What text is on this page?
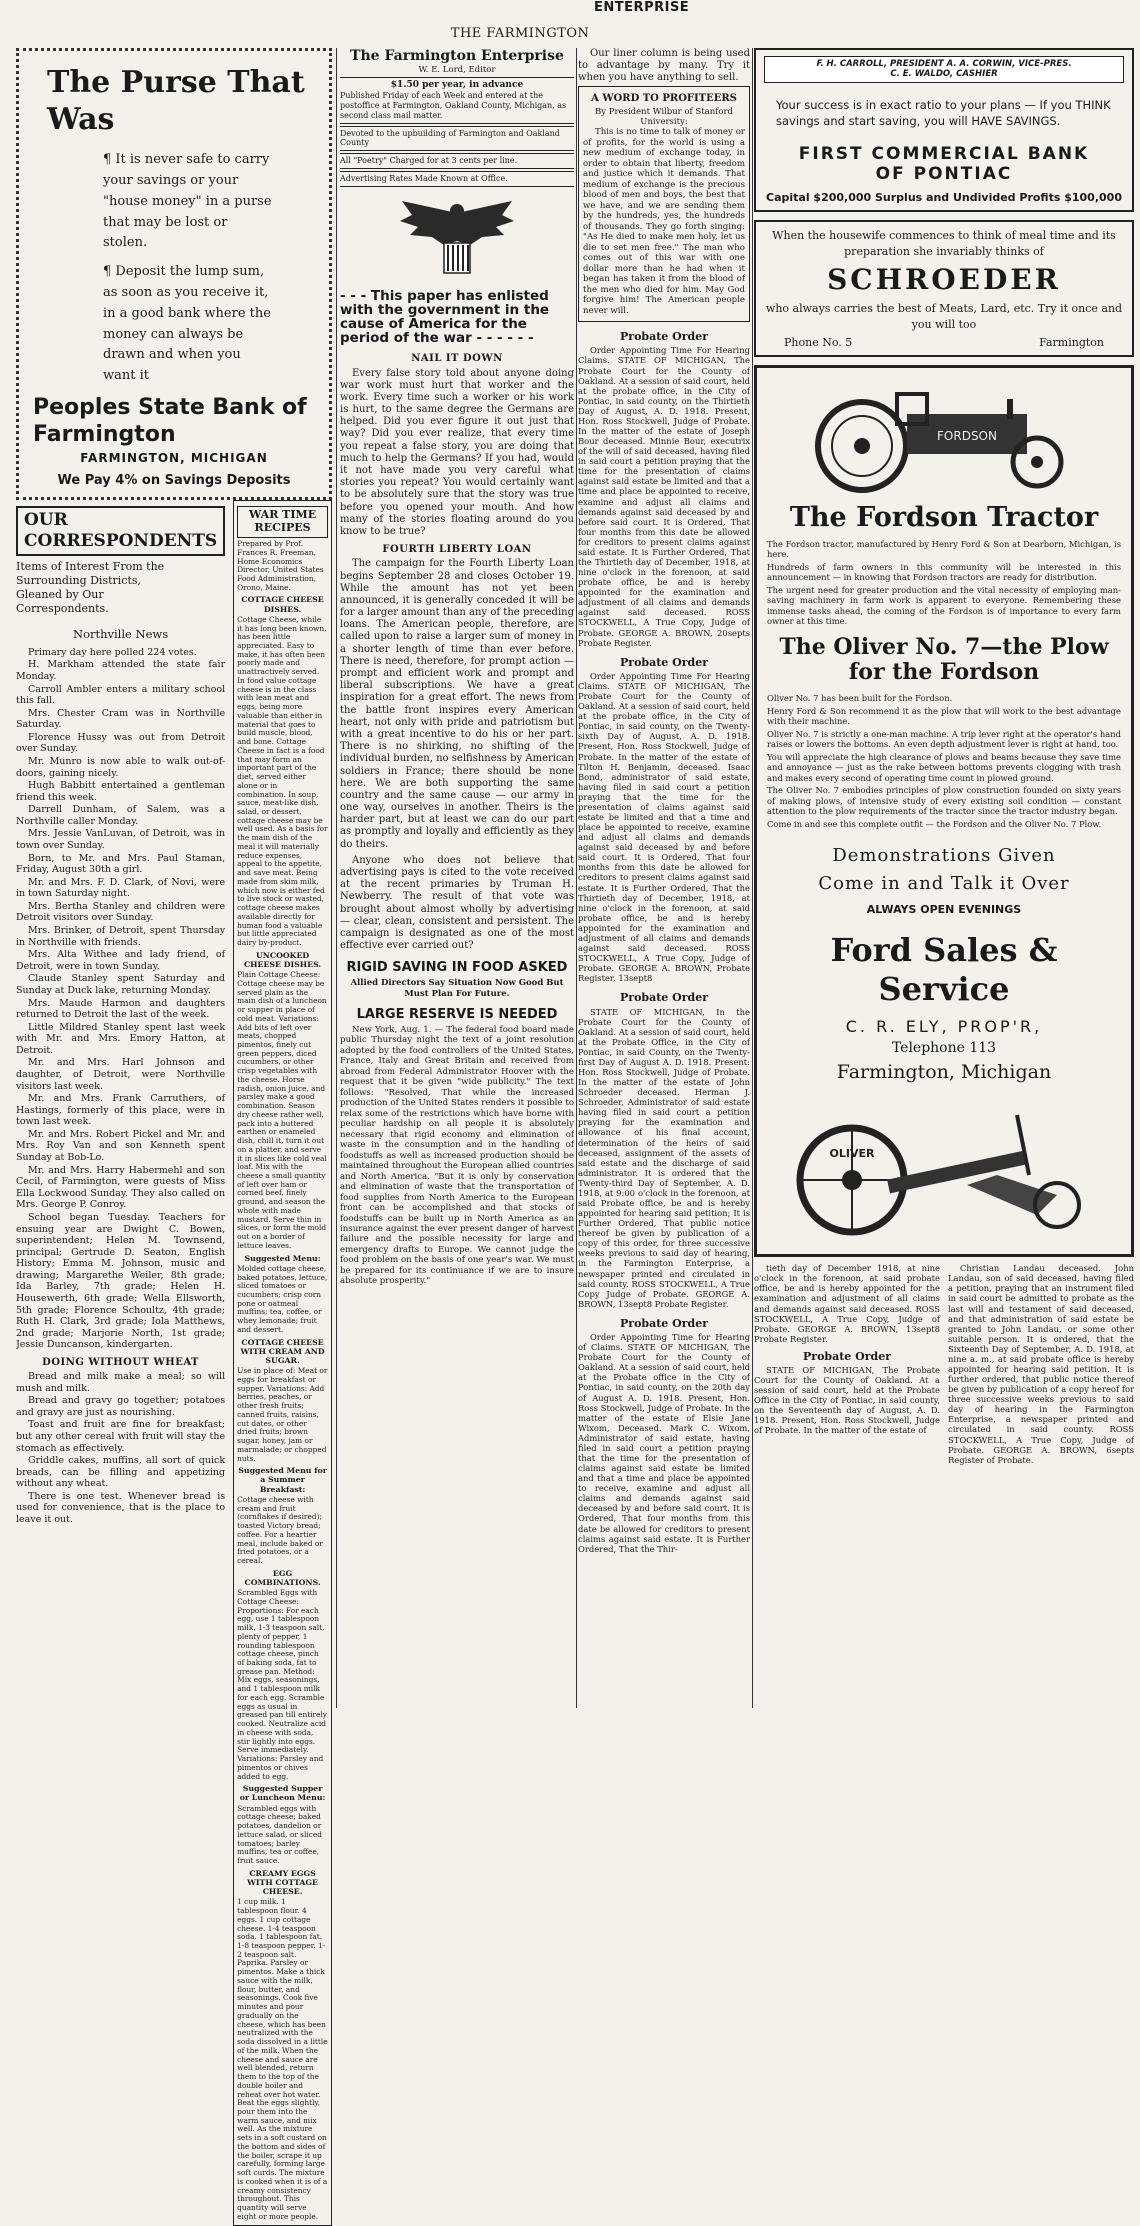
THE FARMINGTON ENTERPRISE
The Purse That Was

¶ It is never safe to carry your savings or your "house money" in a purse that may be lost or stolen.

¶ Deposit the lump sum, as soon as you receive it, in a good bank where the money can always be drawn and when you want it

Peoples State Bank of Farmington
FARMINGTON, MICHIGAN
We Pay 4% on Savings Deposits
OUR CORRESPONDENTS
Items of Interest From the Surrounding Districts, Gleaned by Our Correspondents.
Northville News

Primary day here polled 224 votes.

H. Markham attended the state fair Monday.

Carroll Ambler enters a military school this fall.

Mrs. Chester Cram was in Northville Saturday.

Florence Hussy was out from Detroit over Sunday.

Mr. Munro is now able to walk out-of-doors, gaining nicely.

Hugh Babbitt entertained a gentleman friend this week.

Darrell Dunham, of Salem, was a Northville caller Monday.

Mrs. Jessie VanLuvan, of Detroit, was in town over Sunday.

Born, to Mr. and Mrs. Paul Staman, Friday, August 30th a girl.

Mr. and Mrs. F. D. Clark, of Novi, were in town Saturday night.

Mrs. Bertha Stanley and children were Detroit visitors over Sunday.

Mrs. Brinker, of Detroit, spent Thursday in Northville with friends.

Mrs. Alta Withee and lady friend, of Detroit, were in town Sunday.

Claude Stanley spent Saturday and Sunday at Duck lake, returning Monday.

Mrs. Maude Harmon and daughters returned to Detroit the last of the week.

Little Mildred Stanley spent last week with Mr. and Mrs. Emory Hatton, at Detroit.

Mr. and Mrs. Harl Johnson and daughter, of Detroit, were Northville visitors last week.

Mr. and Mrs. Frank Carruthers, of Hastings, formerly of this place, were in town last week.

Mr. and Mrs. Robert Pickel and Mr. and Mrs. Roy Van and son Kenneth spent Sunday at Bob-Lo.

Mr. and Mrs. Harry Habermehl and son Cecil, of Farmington, were guests of Miss Ella Lockwood Sunday. They also called on Mrs. George P. Conroy.

School began Tuesday. Teachers for ensuing year are Dwight C. Bowen, superintendent; Helen M. Townsend, principal; Gertrude D. Seaton, English History; Emma M. Johnson, music and drawing; Margarethe Weiler, 8th grade; Ida Barley, 7th grade; Helen H. Housewerth, 6th grade; Wella Ellsworth, 5th grade; Florence Schoultz, 4th grade; Ruth H. Clark, 3rd grade; Iola Matthews, 2nd grade; Marjorie North, 1st grade; Jessie Duncanson, kindergarten.

DOING WITHOUT WHEAT

Bread and milk make a meal; so will mush and milk.

Bread and gravy go together; potatoes and gravy are just as nourishing.

Toast and fruit are fine for breakfast; but any other cereal with fruit will stay the stomach as effectively.

Griddle cakes, muffins, all sort of quick breads, can be filling and appetizing without any wheat.

There is one test. Whenever bread is used for convenience, that is the place to leave it out.

WAR TIME RECIPES
Prepared by Prof. Frances R. Freeman, Home Economics Director, United States Food Administration, Orono, Maine.
COTTAGE CHEESE DISHES.
Cottage Cheese, while it has long been known, has been little appreciated. Easy to make, it has often been poorly made and unattractively served. In food value cottage cheese is in the class with lean meat and eggs, being more valuable than either in material that goes to build muscle, blood, and bone. Cottage Cheese in fact is a food that may form an important part of the diet, served either alone or in combination. In soup, sauce, meat-like dish, salad, or dessert, cottage cheese may be well used. As a basis for the main dish of the meal it will materially reduce expenses, appeal to the appetite, and save meat. Being made from skim milk, which now is either fed to live stock or wasted, cottage cheese makes available directly for human food a valuable but little appreciated dairy by-product.
UNCOOKED CHEESE DISHES.
Plain Cottage Cheese: Cottage cheese may be served plain as the main dish of a luncheon or supper in place of cold meat. Variations: Add bits of left over meats, chopped pimentos, finely cut green peppers, diced cucumbers, or other crisp vegetables with the cheese. Horse radish, onion juice, and parsley make a good combination. Season dry cheese rather well, pack into a buttered earthen or enameled dish, chill it, turn it out on a platter, and serve it in slices like cold veal loaf. Mix with the cheese a small quantity of left over ham or corned beef, finely ground, and season the whole with made mustard. Serve thin in slices, or form the mold out on a border of lettuce leaves.
Suggested Menu:
Molded cottage cheese, baked potatoes, lettuce, sliced tomatoes or cucumbers; crisp corn pone or oatmeal muffins; tea, coffee, or whey lemonade; fruit and dessert.
COTTAGE CHEESE WITH CREAM AND SUGAR.
Use in place of: Meat or eggs for breakfast or supper. Variations: Add berries, peaches, or other fresh fruits; canned fruits, raisins, cut dates, or other dried fruits; brown sugar, honey, jam or marmalade; or chopped nuts.
Suggested Menu for a Summer Breakfast:
Cottage cheese with cream and fruit (cornflakes if desired); toasted Victory bread; coffee. For a heartier meal, include baked or fried potatoes, or a cereal.
EGG COMBINATIONS.
Scrambled Eggs with Cottage Cheese: Proportions: For each egg, use 1 tablespoon milk, 1-3 teaspoon salt, plenty of pepper, 1 rounding tablespoon cottage cheese, pinch of baking soda, fat to grease pan. Method: Mix eggs, seasonings, and 1 tablespoon milk for each egg. Scramble eggs as usual in greased pan till entirely cooked. Neutralize acid in cheese with soda, stir lightly into eggs. Serve immediately. Variations: Parsley and pimentos or chives added to egg.
Suggested Supper or Luncheon Menu:
Scrambled eggs with cottage cheese; baked potatoes, dandelion or lettuce salad, or sliced tomatoes; barley muffins, tea or coffee, fruit sauce.
CREAMY EGGS WITH COTTAGE CHEESE.
1 cup milk. 1 tablespoon flour. 4 eggs. 1 cup cottage cheese. 1-4 teaspoon soda. 1 tablespoon fat. 1-8 teaspoon pepper. 1-2 teaspoon salt. Paprika. Parsley or pimentos. Make a thick sauce with the milk, flour, butter, and seasonings. Cook five minutes and pour gradually on the cheese, which has been neutralized with the soda dissolved in a little of the milk. When the cheese and sauce are well blended, return them to the top of the double boiler and reheat over hot water. Beat the eggs slightly, pour them into the warm sauce, and mix well. As the mixture sets in a soft custard on the bottom and sides of the boiler, scrape it up carefully, forming large soft curds. The mixture is cooked when it is of a creamy consistency throughout. This quantity will serve eight or more people.
The Farmington Enterprise
W. E. Lord, Editor
$1.50 per year, in advance
Published Friday of each Week and entered at the postoffice at Farmington, Oakland County, Michigan, as second class mail matter.
Devoted to the upbuilding of Farmington and Oakland County
All "Poetry" Charged for at 3 cents per line.
Advertising Rates Made Known at Office.
- - - This paper has enlisted with the government in the cause of America for the period of the war - - - - - -
NAIL IT DOWN

Every false story told about anyone doing war work must hurt that worker and the work. Every time such a worker or his work is hurt, to the same degree the Germans are helped. Did you ever figure it out just that way? Did you ever realize, that every time you repeat a false story, you are doing that much to help the Germans? If you had, would it not have made you very careful what stories you repeat? You would certainly want to be absolutely sure that the story was true before you opened your mouth. And how many of the stories floating around do you know to be true?

FOURTH LIBERTY LOAN

The campaign for the Fourth Liberty Loan begins September 28 and closes October 19. While the amount has not yet been announced, it is generally conceded it will be for a larger amount than any of the preceding loans. The American people, therefore, are called upon to raise a larger sum of money in a shorter length of time than ever before. There is need, therefore, for prompt action — prompt and efficient work and prompt and liberal subscriptions. We have a great inspiration for a great effort. The news from the battle front inspires every American heart, not only with pride and patriotism but with a great incentive to do his or her part. There is no shirking, no shifting of the individual burden, no selfishness by American soldiers in France; there should be none here. We are both supporting the same country and the same cause — our army in one way, ourselves in another. Theirs is the harder part, but at least we can do our part as promptly and loyally and efficiently as they do theirs.

Anyone who does not believe that advertising pays is cited to the vote received at the recent primaries by Truman H. Newberry. The result of that vote was brought about almost wholly by advertising — clear, clean, consistent and persistent. The campaign is designated as one of the most effective ever carried out?

RIGID SAVING IN FOOD ASKED
Allied Directors Say Situation Now Good But Must Plan For Future.
LARGE RESERVE IS NEEDED

New York, Aug. 1. — The federal food board made public Thursday night the text of a joint resolution adopted by the food controllers of the United States, France, Italy and Great Britain and received from abroad from Federal Administrator Hoover with the request that it be given "wide publicity." The text follows: "Resolved, That while the increased production of the United States renders it possible to relax some of the restrictions which have borne with peculiar hardship on all people it is absolutely necessary that rigid economy and elimination of waste in the consumption and in the handling of foodstuffs as well as increased production should be maintained throughout the European allied countries and North America. "But it is only by conservation and elimination of waste that the transportation of food supplies from North America to the European front can be accomplished and that stocks of foodstuffs can be built up in North America as an insurance against the ever present danger of harvest failure and the possible necessity for large and emergency drafts to Europe. We cannot judge the food problem on the basis of one year's war. We must be prepared for its continuance if we are to insure absolute prosperity."

Our liner column is being used to advantage by many. Try it when you have anything to sell.

A WORD TO PROFITEERS
By President Wilbur of Stanford University:

This is no time to talk of money or of profits, for the world is using a new medium of exchange today, in order to obtain that liberty, freedom and justice which it demands. That medium of exchange is the precious blood of men and boys, the best that we have, and we are sending them by the hundreds, yes, the hundreds of thousands. They go forth singing: "As He died to make men holy, let us die to set men free." The man who comes out of this war with one dollar more than he had when it began has taken it from the blood of the men who died for him. May God forgive him! The American people never will.

Probate Order

Order Appointing Time For Hearing Claims. STATE OF MICHIGAN, The Probate Court for the County of Oakland. At a session of said court, held at the probate office, in the City of Pontiac, in said county, on the Thirtieth Day of August, A. D. 1918. Present, Hon. Ross Stockwell, Judge of Probate. In the matter of the estate of Joseph Bour deceased. Minnie Bour, executrix of the will of said deceased, having filed in said court a petition praying that the time for the presentation of claims against said estate be limited and that a time and place be appointed to receive, examine and adjust all claims and demands against said deceased by and before said court. It is Ordered, That four months from this date be allowed for creditors to present claims against said estate. It is Further Ordered, That the Thirtieth day of December, 1918, at nine o'clock in the forenoon, at said probate office, be and is hereby appointed for the examination and adjustment of all claims and demands against said deceased. ROSS STOCKWELL, A True Copy, Judge of Probate. GEORGE A. BROWN, 20septs Probate Register.

Probate Order

Order Appointing Time For Hearing Claims. STATE OF MICHIGAN, The Probate Court for the County of Oakland. At a session of said court, held at the probate office, in the City of Pontiac, in said county, on the Twenty-sixth Day of August, A. D. 1918. Present, Hon. Ross Stockwell, Judge of Probate. In the matter of the estate of Tilton H. Benjamin, deceased. Isaac Bond, administrator of said estate, having filed in said court a petition praying that the time for the presentation of claims against said estate be limited and that a time and place be appointed to receive, examine and adjust all claims and demands against said deceased by and before said court. It is Ordered, That four months from this date be allowed for creditors to present claims against said estate. It is Further Ordered, That the Thirtieth day of December, 1918, at nine o'clock in the forenoon, at said probate office, be and is hereby appointed for the examination and adjustment of all claims and demands against said deceased. ROSS STOCKWELL, A True Copy, Judge of Probate. GEORGE A. BROWN, Probate Register. 13sept8

Probate Order

STATE OF MICHIGAN, In the Probate Court for the County of Oakland. At a session of said court, held at the Probate Office, in the City of Pontiac, in said County, on the Twenty-first Day of August A. D. 1918. Present: Hon. Ross Stockwell, Judge of Probate. In the matter of the estate of John Schroeder deceased. Herman J. Schroeder, Administrator of said estate having filed in said court a petition praying for the examination and allowance of his final account, determination of the heirs of said deceased, assignment of the assets of said estate and the discharge of said administrator. It is ordered that the Twenty-third Day of September, A. D. 1918, at 9:00 o'clock in the forenoon, at said Probate office, be and is hereby appointed for hearing said petition; It is Further Ordered, That public notice thereof be given by publication of a copy of this order, for three successive weeks previous to said day of hearing, in the Farmington Enterprise, a newspaper printed and circulated in said county. ROSS STOCKWELL, A True Copy Judge of Probate. GEORGE A. BROWN, 13sept8 Probate Register.

Probate Order

Order Appointing Time for Hearing of Claims. STATE OF MICHIGAN, The Probate Court for the County of Oakland. At a session of said court, held at the Probate office in the City of Pontiac, in said county, on the 20th day of August A. D. 1918. Present, Hon. Ross Stockwell, Judge of Probate. In the matter of the estate of Elsie Jane Wixom, Deceased. Mark C. Wixom, Administrator of said estate, having filed in said court a petition praying that the time for the presentation of claims against said estate be limited and that a time and place be appointed to receive, examine and adjust all claims and demands against said deceased by and before said court. It is Ordered, That four months from this date be allowed for creditors to present claims against said estate. It is Further Ordered, That the Thir-

F. H. CARROLL, PRESIDENT A. A. CORWIN, VICE-PRES.
C. E. WALDO, CASHIER
Your success is in exact ratio to your plans — If you THINK savings and start saving, you will HAVE SAVINGS.
FIRST COMMERCIAL BANK
OF PONTIAC
Capital $200,000 Surplus and Undivided Profits $100,000
When the housewife commences to think of meal time and its preparation she invariably thinks of
SCHROEDER
who always carries the best of Meats, Lard, etc. Try it once and you will too
Phone No. 5	Farmington
FORDSON
The Fordson Tractor

The Fordson tractor, manufactured by Henry Ford & Son at Dearborn, Michigan, is here.

Hundreds of farm owners in this community will be interested in this announcement — in knowing that Fordson tractors are ready for distribution.

The urgent need for greater production and the vital necessity of employing man-saving machinery in farm work is apparent to everyone. Remembering these immense tasks ahead, the coming of the Fordson is of importance to every farm owner at this time.

The Oliver No. 7—the Plow for the Fordson

Oliver No. 7 has been built for the Fordson.

Henry Ford & Son recommend it as the plow that will work to the best advantage with their machine.

Oliver No. 7 is strictly a one-man machine. A trip lever right at the operator's hand raises or lowers the bottoms. An even depth adjustment lever is right at hand, too.

You will appreciate the high clearance of plows and beams because they save time and annoyance — just as the rake between bottoms prevents clogging with trash and makes every second of operating time count in plowed ground.

The Oliver No. 7 embodies principles of plow construction founded on sixty years of making plows, of intensive study of every existing soil condition — constant attention to the plow requirements of the tractor since the tractor industry began.

Come in and see this complete outfit — the Fordson and the Oliver No. 7 Plow.

Demonstrations Given
Come in and Talk it Over
ALWAYS OPEN EVENINGS
Ford Sales & Service
C. R. ELY, PROP'R,
Telephone 113
Farmington, Michigan
OLIVER

tieth day of December 1918, at nine o'clock in the forenoon, at said probate office, be and is hereby appointed for the examination and adjustment of all claims and demands against said deceased. ROSS STOCKWELL, A True Copy, Judge of Probate. GEORGE A. BROWN, 13sept8 Probate Register.

Probate Order

STATE OF MICHIGAN, The Probate Court for the County of Oakland. At a session of said court, held at the Probate Office in the City of Pontiac, in said county, on the Seventeenth day of August, A. D. 1918. Present, Hon. Ross Stockwell, Judge of Probate. In the matter of the estate of

Christian Landau deceased. John Landau, son of said deceased, having filed a petition, praying that an instrument filed in said court be admitted to probate as the last will and testament of said deceased, and that administration of said estate be granted to John Landau, or some other suitable person. It is ordered, that the Sixteenth Day of September, A. D. 1918, at nine a. m., at said probate office is hereby appointed for hearing said petition. It is further ordered, that public notice thereof be given by publication of a copy hereof for three successive weeks previous to said day of hearing in the Farmington Enterprise, a newspaper printed and circulated in said county. ROSS STOCKWELL, A True Copy, Judge of Probate. GEORGE A. BROWN, 6septs Register of Probate.
